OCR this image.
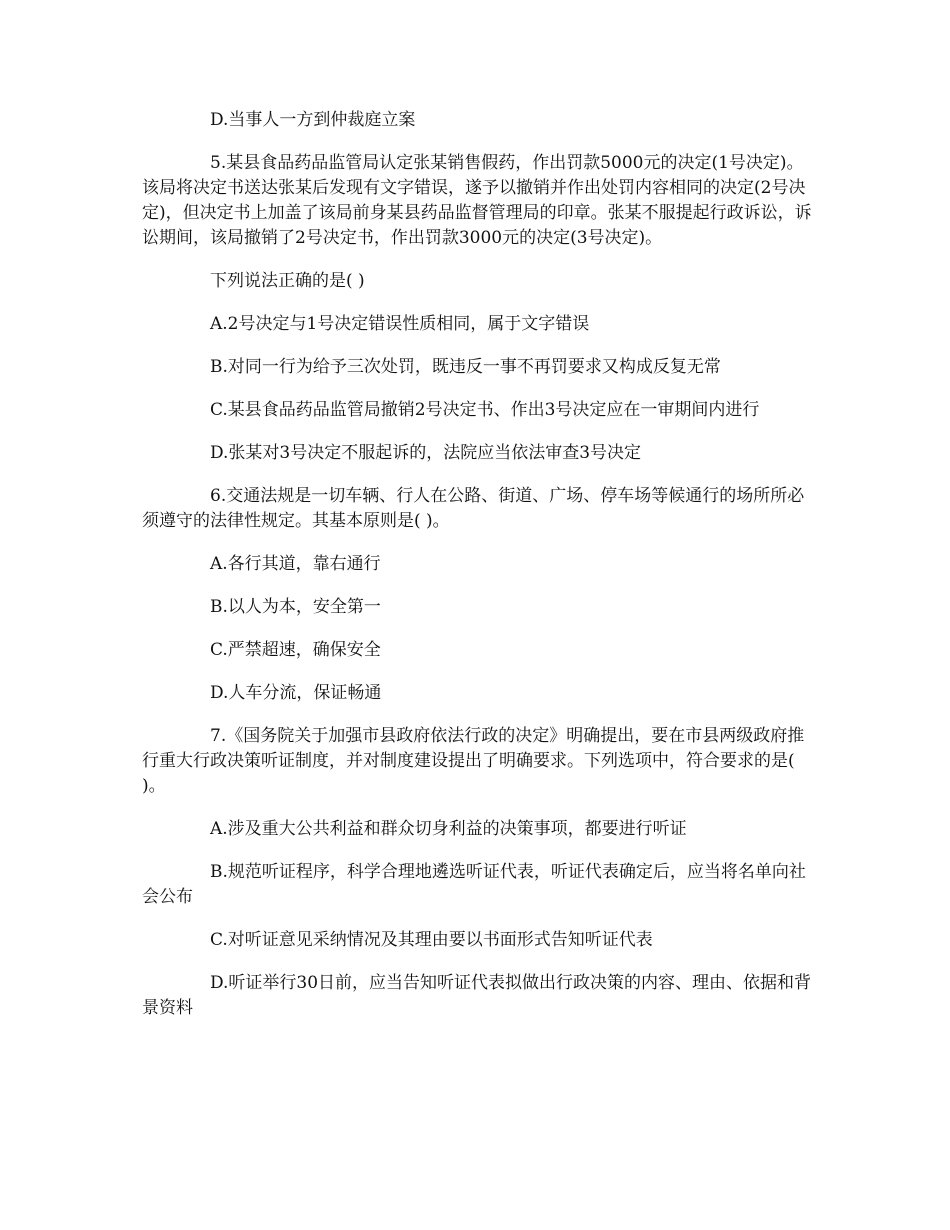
D.当事人一方到仲裁庭立案

5.某县食品药品监管局认定张某销售假药，作出罚款5000元的决定(1号决定)。该局将决定书送达张某后发现有文字错误，遂予以撤销并作出处罚内容相同的决定(2号决定)，但决定书上加盖了该局前身某县药品监督管理局的印章。张某不服提起行政诉讼，诉讼期间，该局撤销了2号决定书，作出罚款3000元的决定(3号决定)。

下列说法正确的是( )

A.2号决定与1号决定错误性质相同，属于文字错误

B.对同一行为给予三次处罚，既违反一事不再罚要求又构成反复无常

C.某县食品药品监管局撤销2号决定书、作出3号决定应在一审期间内进行

D.张某对3号决定不服起诉的，法院应当依法审查3号决定

6.交通法规是一切车辆、行人在公路、街道、广场、停车场等候通行的场所所必须遵守的法律性规定。其基本原则是( )。

A.各行其道，靠右通行

B.以人为本，安全第一

C.严禁超速，确保安全

D.人车分流，保证畅通

7.《国务院关于加强市县政府依法行政的决定》明确提出，要在市县两级政府推行重大行政决策听证制度，并对制度建设提出了明确要求。下列选项中，符合要求的是( )。

A.涉及重大公共利益和群众切身利益的决策事项，都要进行听证

B.规范听证程序，科学合理地遴选听证代表，听证代表确定后，应当将名单向社会公布

C.对听证意见采纳情况及其理由要以书面形式告知听证代表

D.听证举行30日前，应当告知听证代表拟做出行政决策的内容、理由、依据和背景资料
